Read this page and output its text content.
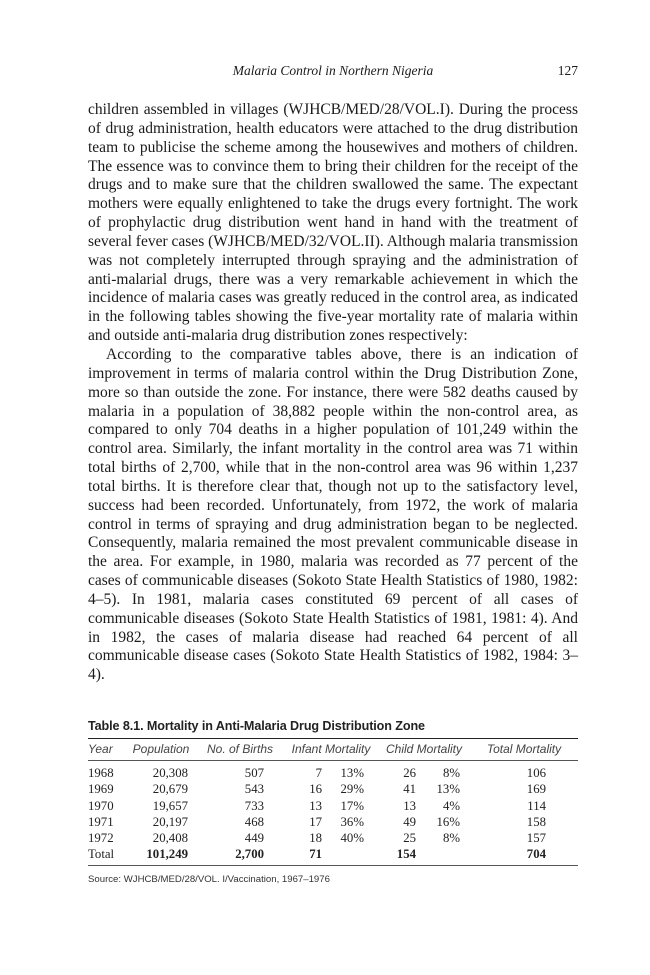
Malaria Control in Northern Nigeria	127

children assembled in villages (WJHCB/MED/28/VOL.I). During the process of drug administration, health educators were attached to the drug distribution team to publicise the scheme among the housewives and mothers of children. The essence was to convince them to bring their children for the receipt of the drugs and to make sure that the children swallowed the same. The expectant mothers were equally enlightened to take the drugs every fortnight. The work of prophylactic drug distribution went hand in hand with the treatment of several fever cases (WJHCB/MED/32/VOL.II). Although malaria transmission was not completely interrupted through spraying and the administration of anti-malarial drugs, there was a very remarkable achievement in which the incidence of malaria cases was greatly reduced in the control area, as indicated in the following tables showing the five-year mortality rate of malaria within and outside anti-malaria drug distribution zones respectively:

According to the comparative tables above, there is an indication of improvement in terms of malaria control within the Drug Distribution Zone, more so than outside the zone. For instance, there were 582 deaths caused by malaria in a population of 38,882 people within the non-control area, as compared to only 704 deaths in a higher population of 101,249 within the control area. Similarly, the infant mortality in the control area was 71 within total births of 2,700, while that in the non-control area was 96 within 1,237 total births. It is therefore clear that, though not up to the satisfactory level, success had been recorded. Unfortunately, from 1972, the work of malaria control in terms of spraying and drug administration began to be neglected. Consequently, malaria remained the most prevalent communicable disease in the area. For example, in 1980, malaria was recorded as 77 percent of the cases of communicable diseases (Sokoto State Health Statistics of 1980, 1982: 4–5). In 1981, malaria cases constituted 69 percent of all cases of communicable diseases (Sokoto State Health Statistics of 1981, 1981: 4). And in 1982, the cases of malaria disease had reached 64 percent of all communicable disease cases (Sokoto State Health Statistics of 1982, 1984: 3–4).

Table 8.1. Mortality in Anti-Malaria Drug Distribution Zone
Year	Population	No. of Births	Infant Mortality		Child Mortality		Total Mortality
1968	20,308	507	7	13%	26	8%	106
1969	20,679	543	16	29%	41	13%	169
1970	19,657	733	13	17%	13	4%	114
1971	20,197	468	17	36%	49	16%	158
1972	20,408	449	18	40%	25	8%	157
Total	101,249	2,700	71		154		704
Source: WJHCB/MED/28/VOL. I/Vaccination, 1967–1976
